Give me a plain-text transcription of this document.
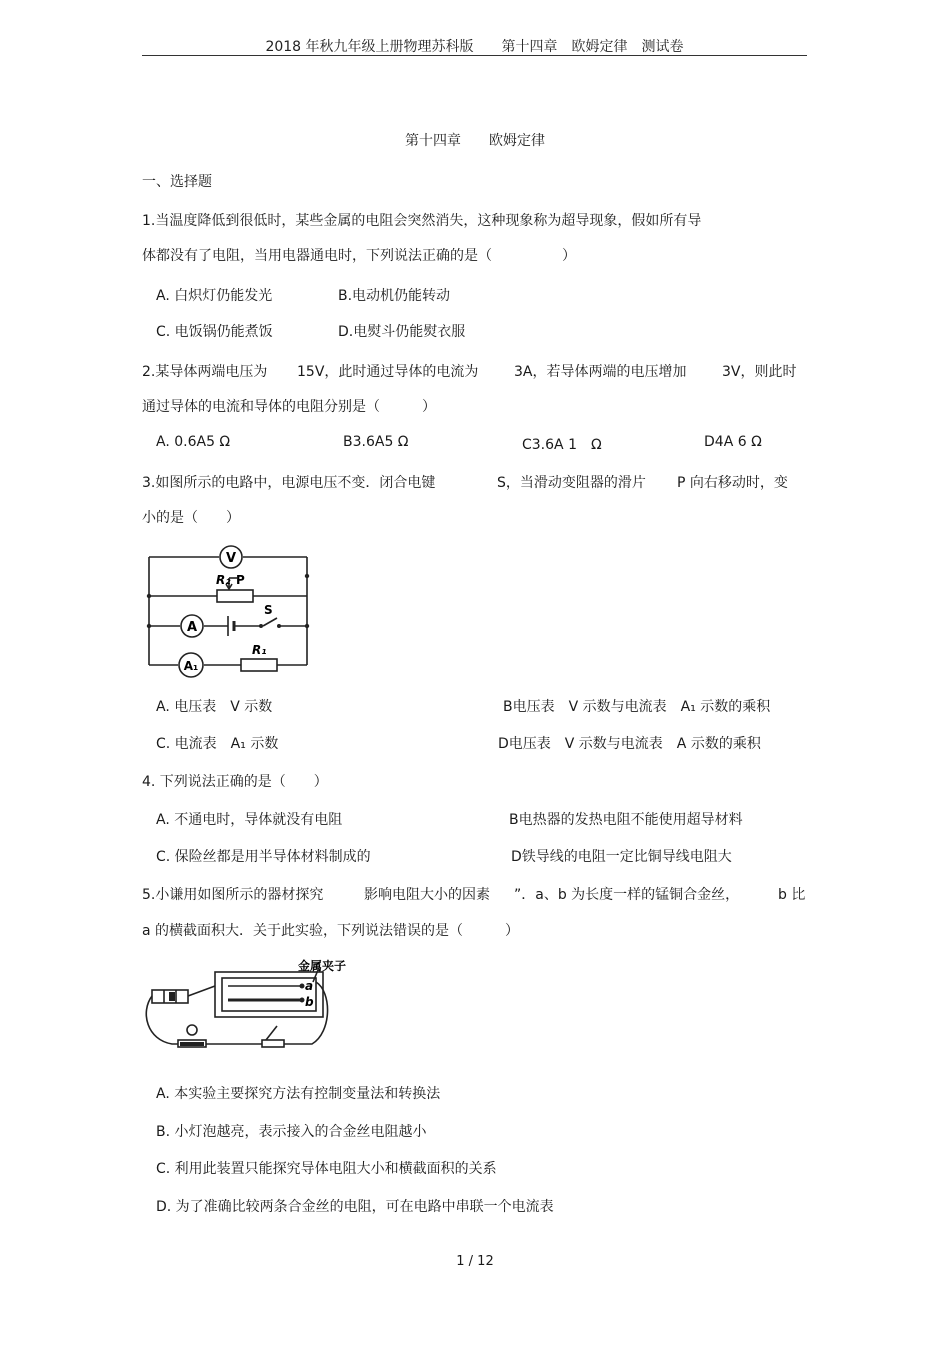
2018 年秋九年级上册物理苏科版　　第十四章　欧姆定律　测试卷
第十四章　　欧姆定律
一、选择题
1.当温度降低到很低时，某些金属的电阻会突然消失，这种现象称为超导现象，假如所有导
体都没有了电阻，当用电器通电时，下列说法正确的是（　　　　　）
A. 白炽灯仍能发光	B.电动机仍能转动
C. 电饭锅仍能煮饭	D.电熨斗仍能熨衣服
2.某导体两端电压为 15V，此时通过导体的电流为	3A，若导体两端的电压增加	3V，则此时
通过导体的电流和导体的电阻分别是（　　　）
A. 0.6A5 Ω	B3.6A5 Ω	C3.6A 1　Ω	D4A 6 Ω
3.如图所示的电路中，电源电压不变．闭合电键	S，当滑动变阻器的滑片 P 向右移动时，变
小的是（　　）
V
R₂ P
S
A
A₁
R₁
A. 电压表　V 示数	B电压表　V 示数与电流表　A₁ 示数的乘积
C. 电流表　A₁ 示数	D电压表　V 示数与电流表　A 示数的乘积
4. 下列说法正确的是（　　）
A. 不通电时，导体就没有电阻	B电热器的发热电阻不能使用超导材料
C. 保险丝都是用半导体材料制成的	D铁导线的电阻一定比铜导线电阻大
5.小谦用如图所示的器材探究	影响电阻大小的因素 ”．a、b 为长度一样的锰铜合金丝，	b 比
a 的横截面积大．关于此实验，下列说法错误的是（　　　）
金属夹子
a
b
A. 本实验主要探究方法有控制变量法和转换法
B. 小灯泡越亮，表示接入的合金丝电阻越小
C. 利用此装置只能探究导体电阻大小和横截面积的关系
D. 为了准确比较两条合金丝的电阻，可在电路中串联一个电流表
1 / 12
